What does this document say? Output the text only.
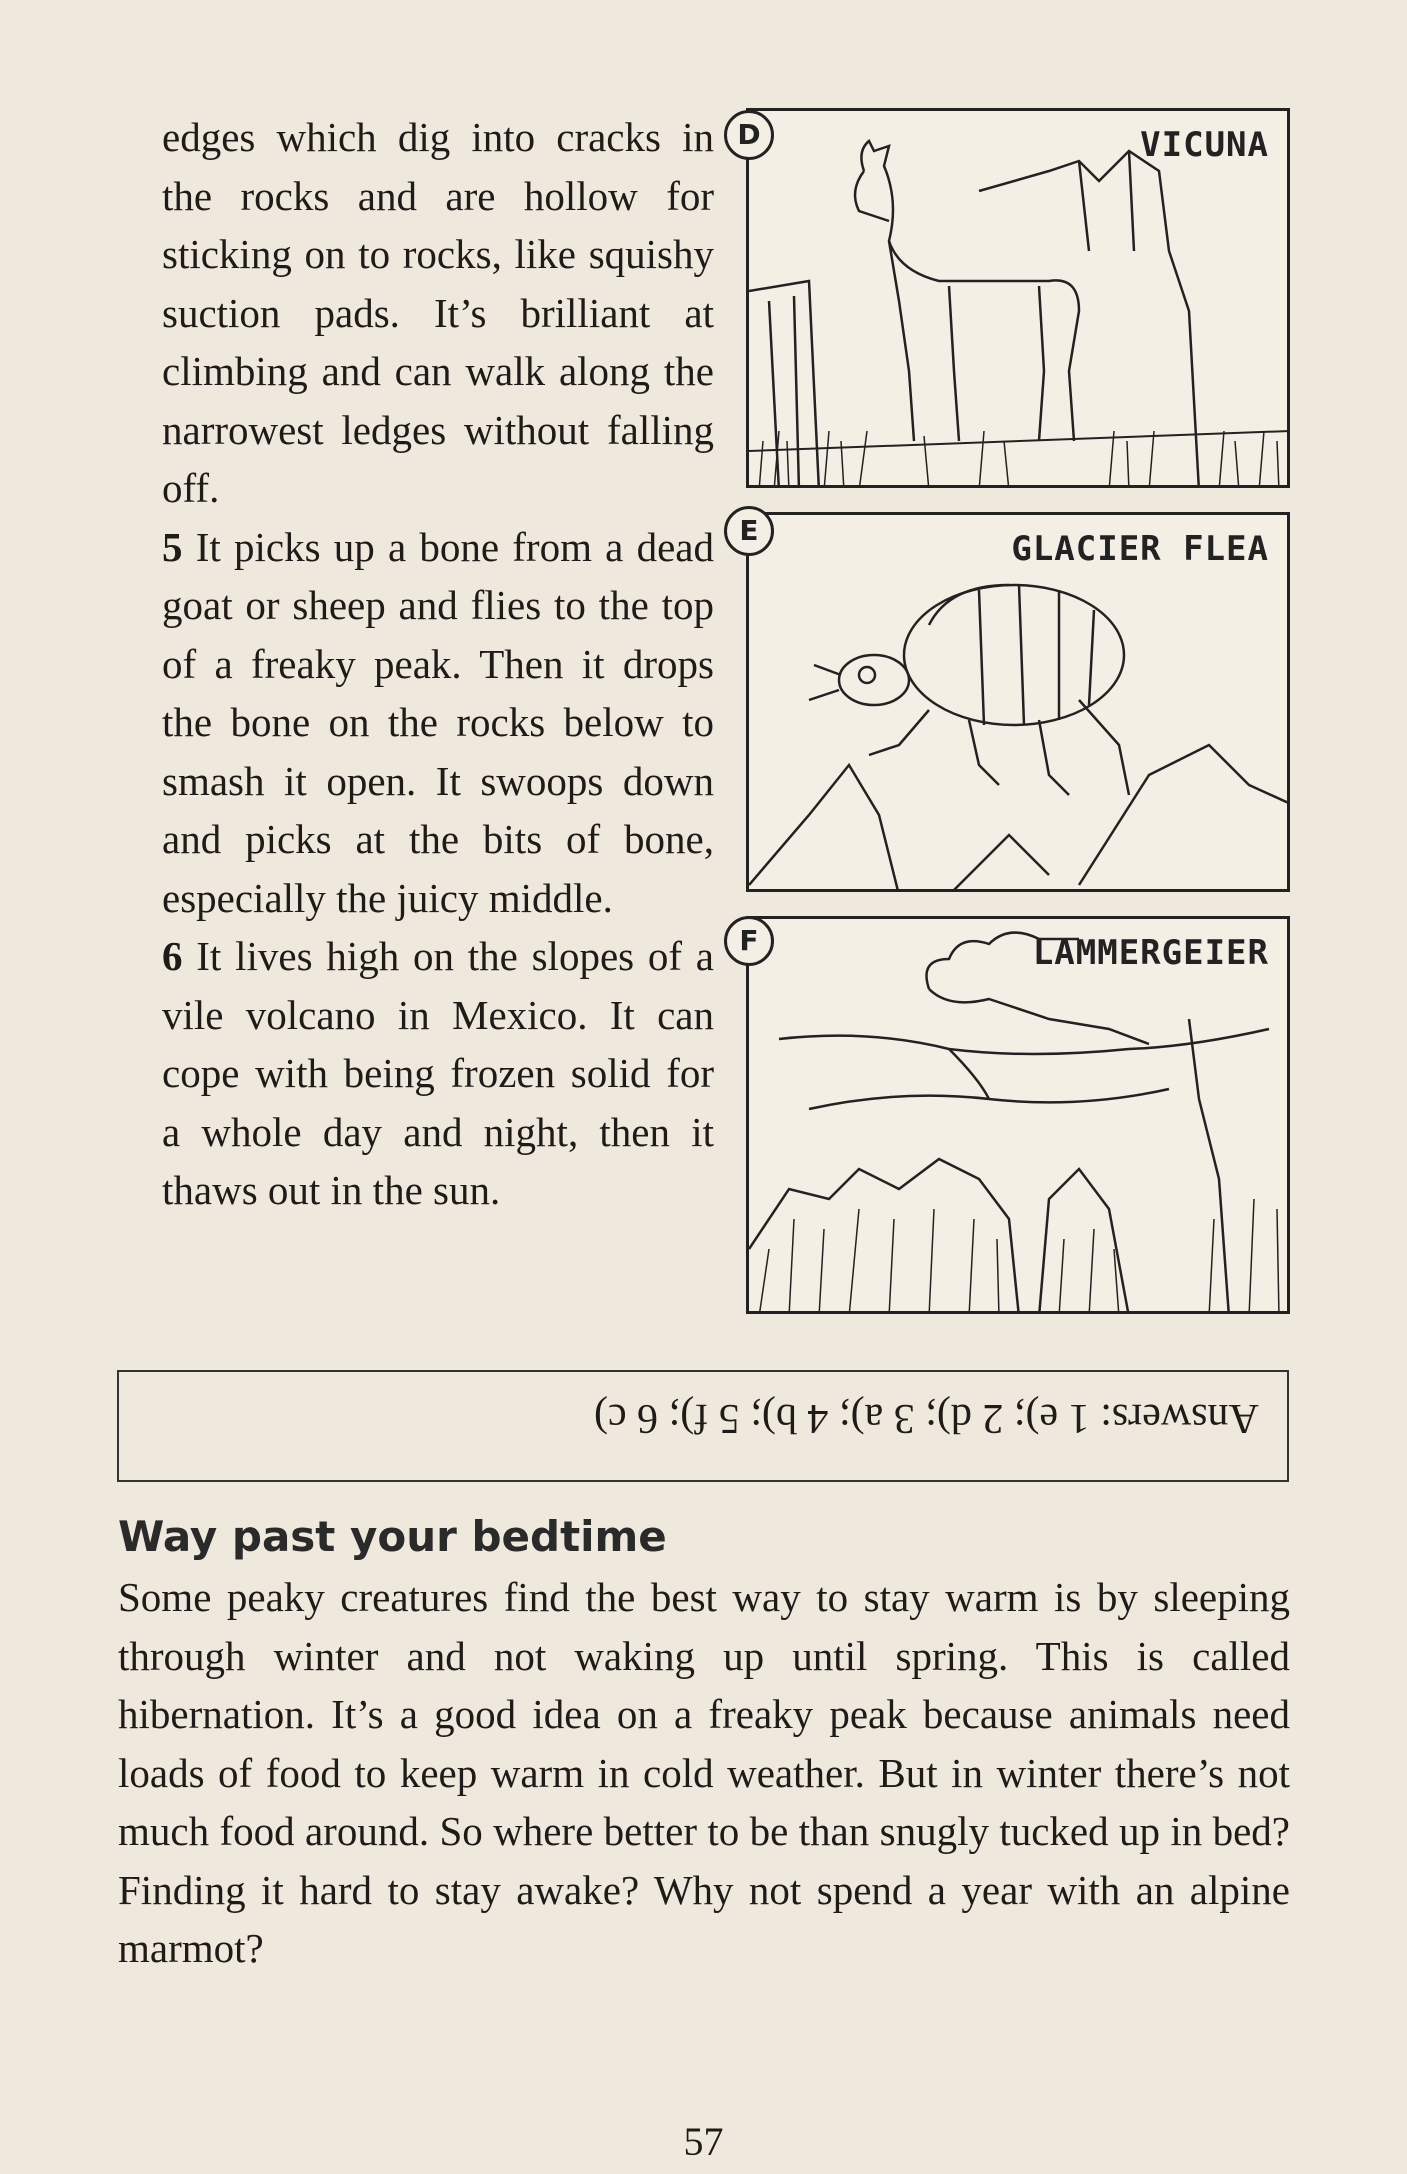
edges which dig into cracks in the rocks and are hollow for sticking on to rocks, like squishy suction pads. It’s brilliant at climbing and can walk along the narrowest ledges without falling off.

5 It picks up a bone from a dead goat or sheep and flies to the top of a freaky peak. Then it drops the bone on the rocks below to smash it open. It swoops down and picks at the bits of bone, especially the juicy middle.

6 It lives high on the slopes of a vile volcano in Mexico. It can cope with being frozen solid for a whole day and night, then it thaws out in the sun.

VICUNA
D
GLACIER FLEA
E
LAMMERGEIER
F
Answers: 1 e); 2 d); 3 a); 4 b); 5 f); 6 c)
Way past your bedtime

Some peaky creatures find the best way to stay warm is by sleeping through winter and not waking up until spring. This is called hibernation. It’s a good idea on a freaky peak because animals need loads of food to keep warm in cold weather. But in winter there’s not much food around. So where better to be than snugly tucked up in bed? Finding it hard to stay awake? Why not spend a year with an alpine marmot?

57
